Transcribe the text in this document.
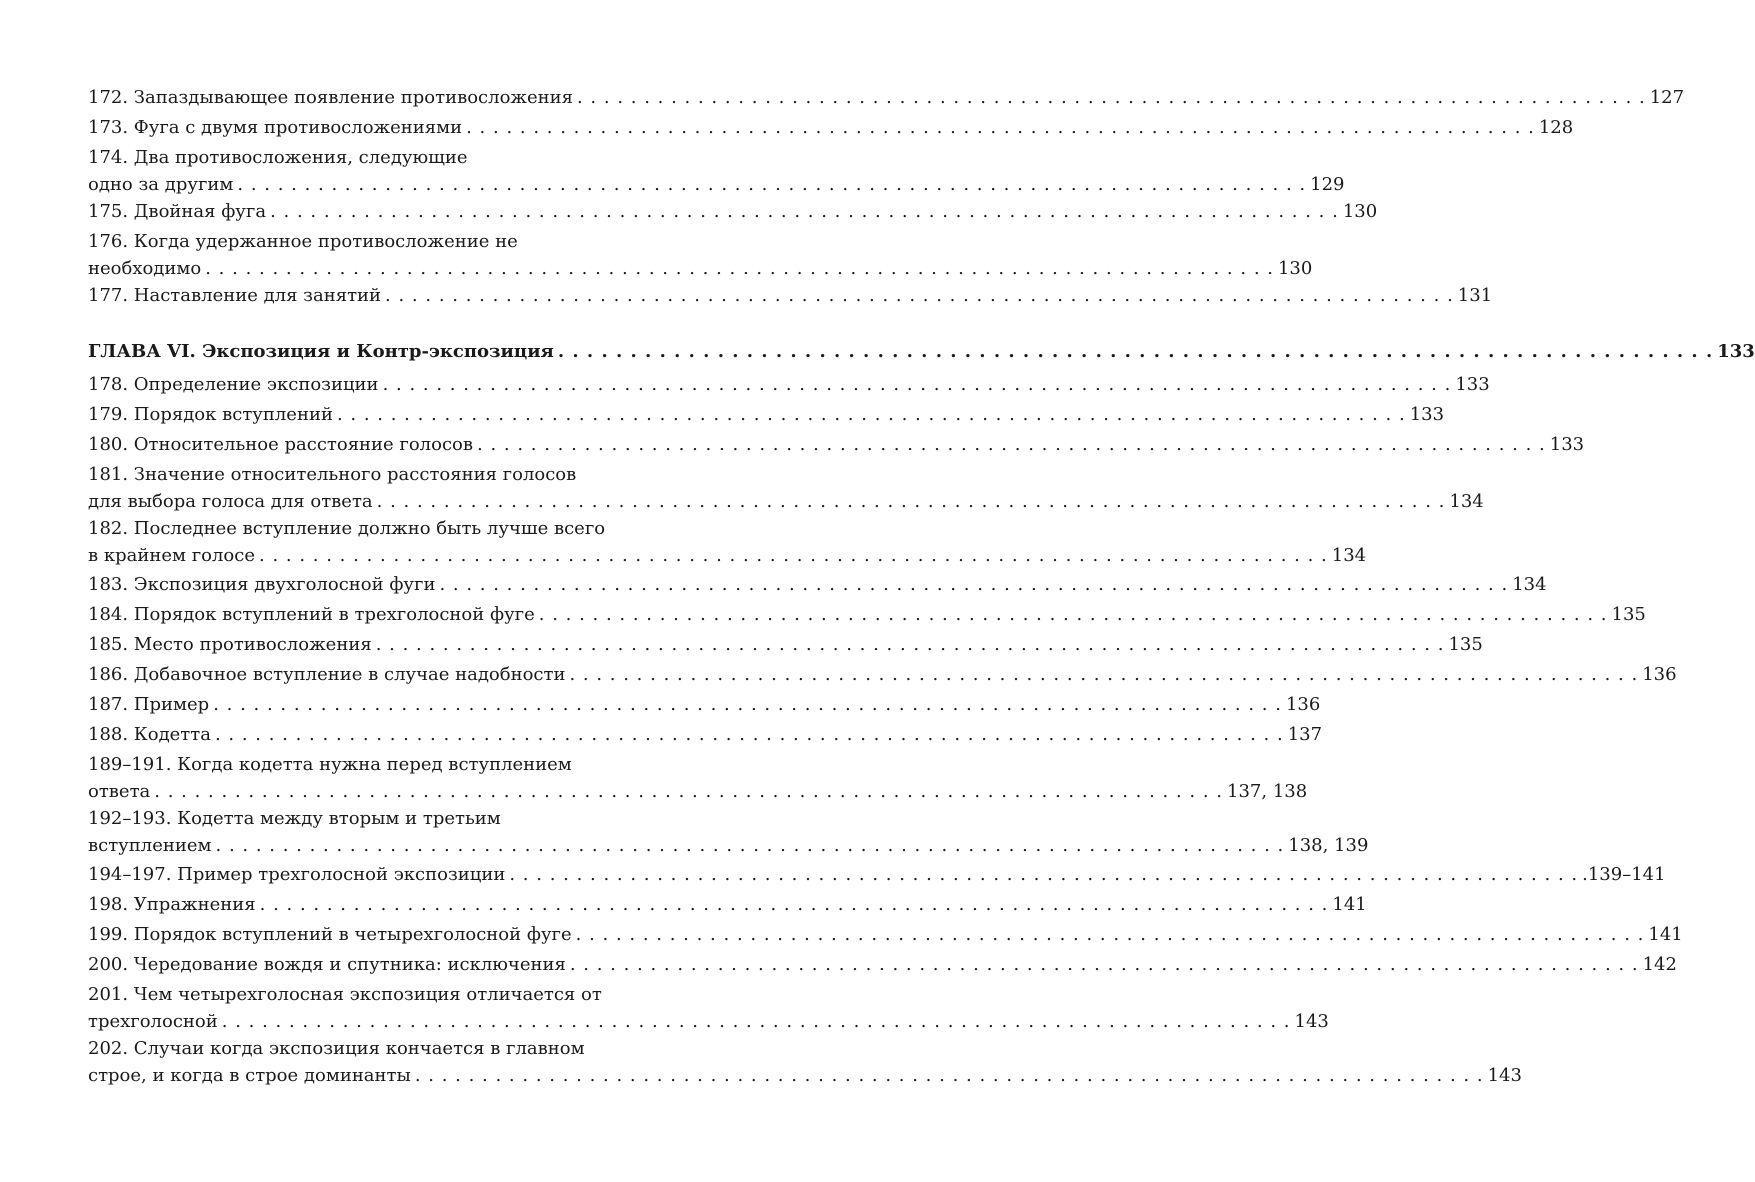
172. Запаздывающее появление противосложения . . . . . . . . . . . . . . . . . . . . . . . . . . . . . . . . . . . . . . . . . . . . . . . . . . . . . . . . . . . . . . . . . . . . . . . . . . . . . . . . 127
173. Фуга с двумя противосложениями . . . . . . . . . . . . . . . . . . . . . . . . . . . . . . . . . . . . . . . . . . . . . . . . . . . . . . . . . . . . . . . . . . . . . . . . . . . . . . . . 128
174. Два противосложения, следующие
одно за другим . . . . . . . . . . . . . . . . . . . . . . . . . . . . . . . . . . . . . . . . . . . . . . . . . . . . . . . . . . . . . . . . . . . . . . . . . . . . . . . . 129
175. Двойная фуга . . . . . . . . . . . . . . . . . . . . . . . . . . . . . . . . . . . . . . . . . . . . . . . . . . . . . . . . . . . . . . . . . . . . . . . . . . . . . . . . 130
176. Когда удержанное противосложение не
необходимо . . . . . . . . . . . . . . . . . . . . . . . . . . . . . . . . . . . . . . . . . . . . . . . . . . . . . . . . . . . . . . . . . . . . . . . . . . . . . . . . 130
177. Наставление для занятий . . . . . . . . . . . . . . . . . . . . . . . . . . . . . . . . . . . . . . . . . . . . . . . . . . . . . . . . . . . . . . . . . . . . . . . . . . . . . . . . 131
ГЛАВА VI. Экспозиция и Контр-экспозиция . . . . . . . . . . . . . . . . . . . . . . . . . . . . . . . . . . . . . . . . . . . . . . . . . . . . . . . . . . . . . . . . . . . . . . . . . . . . . . . . 133
178. Определение экспозиции . . . . . . . . . . . . . . . . . . . . . . . . . . . . . . . . . . . . . . . . . . . . . . . . . . . . . . . . . . . . . . . . . . . . . . . . . . . . . . . . 133
179. Порядок вступлений . . . . . . . . . . . . . . . . . . . . . . . . . . . . . . . . . . . . . . . . . . . . . . . . . . . . . . . . . . . . . . . . . . . . . . . . . . . . . . . . 133
180. Относительное расстояние голосов . . . . . . . . . . . . . . . . . . . . . . . . . . . . . . . . . . . . . . . . . . . . . . . . . . . . . . . . . . . . . . . . . . . . . . . . . . . . . . . . 133
181. Значение относительного расстояния голосов
для выбора голоса для ответа . . . . . . . . . . . . . . . . . . . . . . . . . . . . . . . . . . . . . . . . . . . . . . . . . . . . . . . . . . . . . . . . . . . . . . . . . . . . . . . . 134
182. Последнее вступление должно быть лучше всего
в крайнем голосе . . . . . . . . . . . . . . . . . . . . . . . . . . . . . . . . . . . . . . . . . . . . . . . . . . . . . . . . . . . . . . . . . . . . . . . . . . . . . . . . 134
183. Экспозиция двухголосной фуги . . . . . . . . . . . . . . . . . . . . . . . . . . . . . . . . . . . . . . . . . . . . . . . . . . . . . . . . . . . . . . . . . . . . . . . . . . . . . . . . 134
184. Порядок вступлений в трехголосной фуге . . . . . . . . . . . . . . . . . . . . . . . . . . . . . . . . . . . . . . . . . . . . . . . . . . . . . . . . . . . . . . . . . . . . . . . . . . . . . . . . 135
185. Место противосложения . . . . . . . . . . . . . . . . . . . . . . . . . . . . . . . . . . . . . . . . . . . . . . . . . . . . . . . . . . . . . . . . . . . . . . . . . . . . . . . . 135
186. Добавочное вступление в случае надобности . . . . . . . . . . . . . . . . . . . . . . . . . . . . . . . . . . . . . . . . . . . . . . . . . . . . . . . . . . . . . . . . . . . . . . . . . . . . . . . . 136
187. Пример . . . . . . . . . . . . . . . . . . . . . . . . . . . . . . . . . . . . . . . . . . . . . . . . . . . . . . . . . . . . . . . . . . . . . . . . . . . . . . . . 136
188. Кодетта . . . . . . . . . . . . . . . . . . . . . . . . . . . . . . . . . . . . . . . . . . . . . . . . . . . . . . . . . . . . . . . . . . . . . . . . . . . . . . . . 137
189–191. Когда кодетта нужна перед вступлением
ответа . . . . . . . . . . . . . . . . . . . . . . . . . . . . . . . . . . . . . . . . . . . . . . . . . . . . . . . . . . . . . . . . . . . . . . . . . . . . . . . . 137, 138
192–193. Кодетта между вторым и третьим
вступлением . . . . . . . . . . . . . . . . . . . . . . . . . . . . . . . . . . . . . . . . . . . . . . . . . . . . . . . . . . . . . . . . . . . . . . . . . . . . . . . . 138, 139
194–197. Пример трехголосной экспозиции . . . . . . . . . . . . . . . . . . . . . . . . . . . . . . . . . . . . . . . . . . . . . . . . . . . . . . . . . . . . . . . . . . . . . . . . . . . . . . . . .139–141
198. Упражнения . . . . . . . . . . . . . . . . . . . . . . . . . . . . . . . . . . . . . . . . . . . . . . . . . . . . . . . . . . . . . . . . . . . . . . . . . . . . . . . . 141
199. Порядок вступлений в четырехголосной фуге . . . . . . . . . . . . . . . . . . . . . . . . . . . . . . . . . . . . . . . . . . . . . . . . . . . . . . . . . . . . . . . . . . . . . . . . . . . . . . . . 141
200. Чередование вождя и спутника: исключения . . . . . . . . . . . . . . . . . . . . . . . . . . . . . . . . . . . . . . . . . . . . . . . . . . . . . . . . . . . . . . . . . . . . . . . . . . . . . . . . 142
201. Чем четырехголосная экспозиция отличается от
трехголосной . . . . . . . . . . . . . . . . . . . . . . . . . . . . . . . . . . . . . . . . . . . . . . . . . . . . . . . . . . . . . . . . . . . . . . . . . . . . . . . . 143
202. Случаи когда экспозиция кончается в главном
строе, и когда в строе доминанты . . . . . . . . . . . . . . . . . . . . . . . . . . . . . . . . . . . . . . . . . . . . . . . . . . . . . . . . . . . . . . . . . . . . . . . . . . . . . . . . 143
